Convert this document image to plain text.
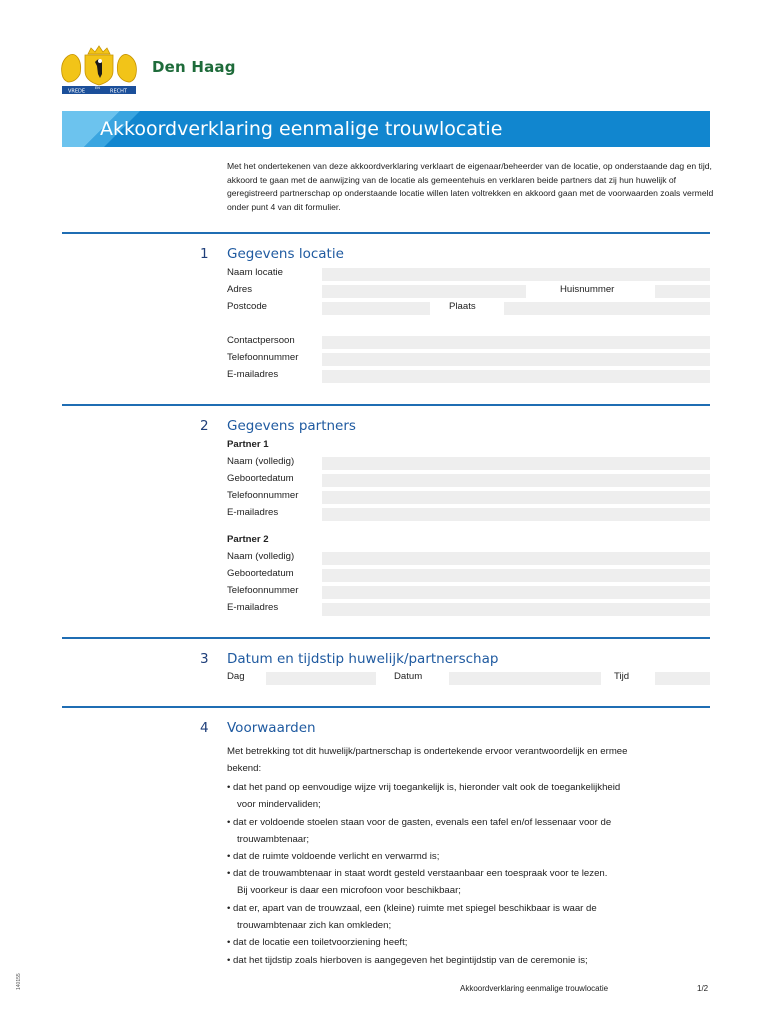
VREDE
EN
RECHT
Den Haag
Akkoordverklaring eenmalige trouwlocatie
Met het ondertekenen van deze akkoordverklaring verklaart de eigenaar/beheerder van de locatie, op onderstaande dag en tijd, akkoord te gaan met de aanwijzing van de locatie als gemeentehuis en verklaren beide partners dat zij hun huwelijk of geregistreerd partnerschap op onderstaande locatie willen laten voltrekken en akkoord gaan met de voorwaarden zoals vermeld onder punt 4 van dit formulier.
1 Gegevens locatie
Naam locatie
Adres	Huisnummer
Postcode	Plaats
Contactpersoon
Telefoonnummer
E-mailadres
2 Gegevens partners
Partner 1
Naam (volledig)
Geboortedatum
Telefoonnummer
E-mailadres
Partner 2
Naam (volledig)
Geboortedatum
Telefoonnummer
E-mailadres
3 Datum en tijdstip huwelijk/partnerschap
Dag	Datum	Tijd
4 Voorwaarden
Met betrekking tot dit huwelijk/partnerschap is ondertekende ervoor verantwoordelijk en ermee
bekend:
• dat het pand op eenvoudige wijze vrij toegankelijk is, hieronder valt ook de toegankelijkheid
voor mindervaliden;
• dat er voldoende stoelen staan voor de gasten, evenals een tafel en/of lessenaar voor de
trouwambtenaar;
• dat de ruimte voldoende verlicht en verwarmd is;
• dat de trouwambtenaar in staat wordt gesteld verstaanbaar een toespraak voor te lezen.
Bij voorkeur is daar een microfoon voor beschikbaar;
• dat er, apart van de trouwzaal, een (kleine) ruimte met spiegel beschikbaar is waar de
trouwambtenaar zich kan omkleden;
• dat de locatie een toiletvoorziening heeft;
• dat het tijdstip zoals hierboven is aangegeven het begintijdstip van de ceremonie is;
Akkoordverklaring eenmalige trouwlocatie	1/2
140155
